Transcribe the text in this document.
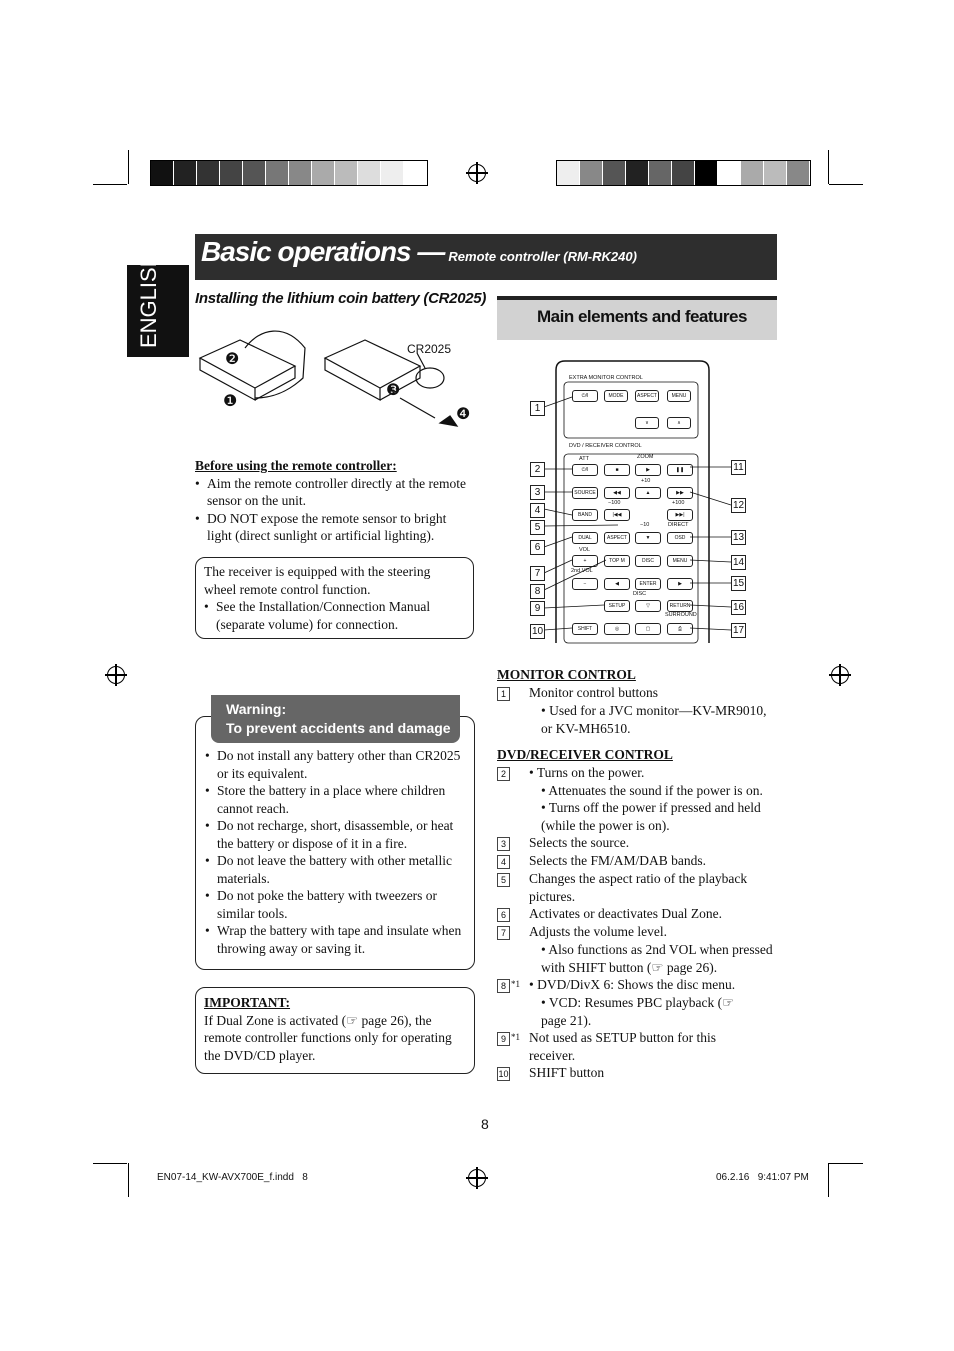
Basic operations — Remote controller (RM-RK240)
ENGLISH Installing the lithium coin battery (CR2025)
CR2025
❶
❷
❸
❹
Before using the remote controller:
• Aim the remote controller directly at the remote sensor on the unit.
• DO NOT expose the remote sensor to bright light (direct sunlight or artificial lighting).
The receiver is equipped with the steering wheel remote control function.
• See the Installation/Connection Manual (separate volume) for connection.
Warning:
To prevent accidents and damage
• Do not install any battery other than CR2025 or its equivalent.
• Store the battery in a place where children cannot reach.
• Do not recharge, short, disassemble, or heat the battery or dispose of it in a fire.
• Do not leave the battery with other metallic materials.
• Do not poke the battery with tweezers or similar tools.
• Wrap the battery with tape and insulate when throwing away or saving it.
IMPORTANT:
If Dual Zone is activated (☞ page 26), the remote controller functions only for operating the DVD/CD player.
Main elements and features
EXTRA MONITOR CONTROL
DVD / RECEIVER CONTROL
⏻/I	MODE	ASPECT	MENU
∨	∧
ATT
⏻/I	■	▶	❚❚
ZOOM
SOURCE	◀◀	▲	▶▶
+10
−100	+100
BAND	|◀◀	▶▶|
−10	DIRECT
DUAL	▼	OSD
ASPECT
VOL
+	TOP M	DISC	MENU
2nd VOL
−	◀	ENTER	▶
DISC
SETUP	▽	RETURN
SURROUND
SHIFT	◎	▢	⎙
1
2
3
4
5
6
7
8
9
10
11
12
13
14
15
16
17
MONITOR CONTROL
1 Monitor control buttons
• Used for a JVC monitor—KV-MR9010, or KV-MH6510.
DVD/RECEIVER CONTROL
2 • Turns on the power.
• Attenuates the sound if the power is on.
• Turns off the power if pressed and held (while the power is on).
3 Selects the source.
4 Selects the FM/AM/DAB bands.
5 Changes the aspect ratio of the playback pictures.
6 Activates or deactivates Dual Zone.
7 Adjusts the volume level.
• Also functions as 2nd VOL when pressed with SHIFT button (☞ page 26).
8 *1 • DVD/DivX 6: Shows the disc menu.
• VCD: Resumes PBC playback (☞ page 21).
9 *1 Not used as SETUP button for this receiver.
10 SHIFT button
8
EN07-14_KW-AVX700E_f.indd   8	06.2.16   9:41:07 PM
